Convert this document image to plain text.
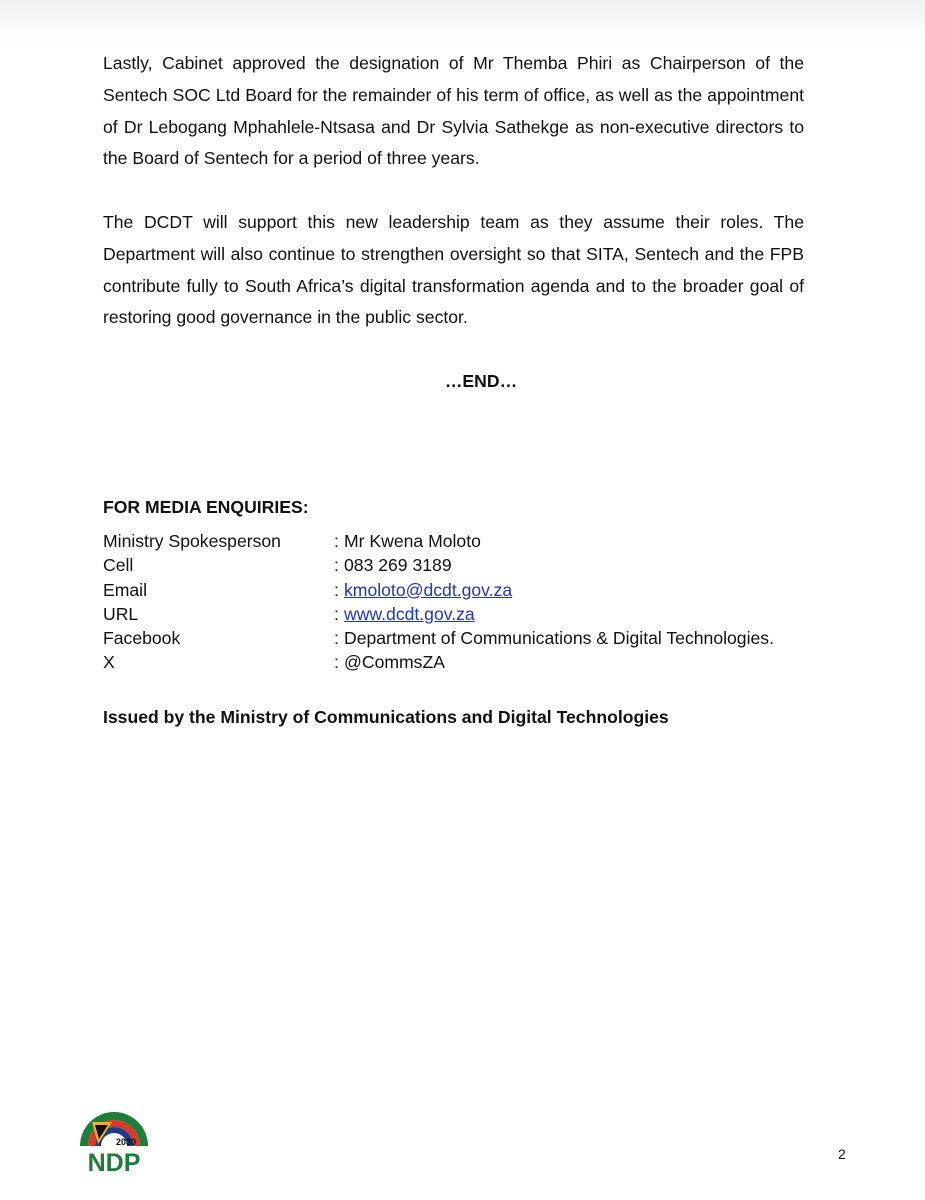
Lastly, Cabinet approved the designation of Mr Themba Phiri as Chairperson of the Sentech SOC Ltd Board for the remainder of his term of office, as well as the appointment of Dr Lebogang Mphahlele-Ntsasa and Dr Sylvia Sathekge as non-executive directors to the Board of Sentech for a period of three years.

The DCDT will support this new leadership team as they assume their roles. The Department will also continue to strengthen oversight so that SITA, Sentech and the FPB contribute fully to South Africa’s digital transformation agenda and to the broader goal of restoring good governance in the public sector.

…END…
FOR MEDIA ENQUIRIES:
Ministry Spokesperson	: Mr Kwena Moloto
Cell	: 083 269 3189
Email	: kmoloto@dcdt.gov.za
URL	: www.dcdt.gov.za
Facebook	: Department of Communications & Digital Technologies.
X	: @CommsZA
Issued by the Ministry of Communications and Digital Technologies
2030
NDP	2
